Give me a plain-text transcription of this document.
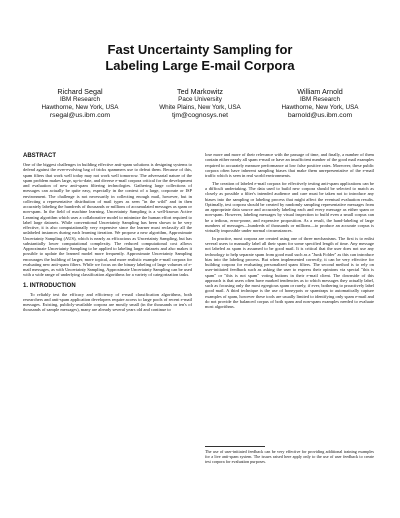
Fast Uncertainty Sampling for
Labeling Large E-mail Corpora
Richard Segal
IBM Research
Hawthorne, New York, USA
rsegal@us.ibm.com
Ted Markowitz
Pace University
White Plains, New York, USA
tjm@cognosys.net
William Arnold
IBM Research
Hawthorne, New York, USA
barnold@us.ibm.com
ABSTRACT

One of the biggest challenges in building effective anti-spam solutions is designing systems to defend against the ever-evolving bag of tricks spammers use to defeat them. Because of this, spam filters that work well today may not work well tomorrow. The adversarial nature of the spam problem makes large, up-to-date, and diverse e-mail corpora critical for the development and evaluation of new anti-spam filtering technologies. Gathering large collections of messages can actually be quite easy, especially in the context of a large, corporate or ISP environment. The challenge is not necessarily in collecting enough mail, however, but in collecting a representative distribution of mail types as seen "in the wild" and in then accurately labeling the hundreds of thousands or millions of accumulated messages as spam or non-spam. In the field of machine learning, Uncertainty Sampling is a well-known Active Learning algorithm which uses a collaborative model to minimize the human effort required to label large datasets. While conventional Uncertainty Sampling has been shown to be very effective, it is also computationally very expensive since the learner must reclassify all the unlabeled instances during each learning iteration. We propose a new algorithm, Approximate Uncertainty Sampling (AUS), which is nearly as efficacious as Uncertainty Sampling, but has substantially lower computational complexity. The reduced computational cost allows Approximate Uncertainty Sampling to be applied to labeling larger datasets and also makes it possible to update the learned model more frequently. Approximate Uncertainty Sampling encourages the building of larger, more topical, and more realistic example e-mail corpora for evaluating new anti-spam filters. While we focus on the binary labeling of large volumes of e-mail messages, as with Uncertainty Sampling, Approximate Uncertainty Sampling can be used with a wide range of underlying classification algorithms for a variety of categorization tasks.

1. INTRODUCTION

To reliably test the efficacy and efficiency of e-mail classification algorithms, both researchers and anti-spam application developers require access to large pools of recent e-mail messages. Existing, publicly-available corpora are mostly small (in the thousands or ten's of thousands of sample messages), many are already several years old and continue to

lose more and more of their relevance with the passage of time, and finally, a number of them contain either nearly all spam e-mail or have an insufficient number of the good mail examples required to accurately measure performance at low false positive rates. Moreover, these public corpora often have inherent sampling biases that make them unrepresentative of the e-mail traffic which is seen in real world environments.

The creation of labeled e-mail corpora for effectively testing anti-spam applications can be a difficult undertaking. The data used to build new corpora should be selected to match as closely as possible a filter's intended audience and care must be taken not to introduce any biases into the sampling or labeling process that might affect the eventual evaluation results. Optimally, test corpora should be created by randomly sampling representative messages from an appropriate data source and accurately labeling each and every message as either spam or non-spam. However, labeling messages by visual inspection to build even a small corpus can be a tedious, error-prone, and expensive proposition. As a result, the hand-labeling of large numbers of messages—hundreds of thousands or millions—to produce an accurate corpus is virtually impossible under normal circumstances.

In practice, most corpora are created using one of three mechanisms. The first is to enlist several users to manually label all their spam for some specified length of time. Any message not labeled as spam is assumed to be good mail. It is critical that the user does not use any technology to help separate spam from good mail such as a "Junk Folder" as this can introduce bias into the labeling process. But when implemented correctly, it can be very effective for building corpora for evaluating personalized spam filters. The second method is to rely on user-initiated feedback such as asking the user to express their opinions via special "this is spam" or "this is not spam" voting buttons in their e-mail client. The downside of this approach is that users often have marked tendencies as to which messages they actually label, such as focusing only the most egregious spam or rarely, if ever, bothering to proactively label good mail. A third technique is the use of honeypots or spamtraps to automatically capture examples of spam, however these tools are usually limited to identifying only spam e-mail and do not provide the balanced corpus of both spam and non-spam examples needed to evaluate most algorithms.

The use of user-initiated feedback can be very effective for providing additional training examples for a live anti-spam system. The issues raised here apply only to the use of user feedback to create test corpora for evaluation purposes.
